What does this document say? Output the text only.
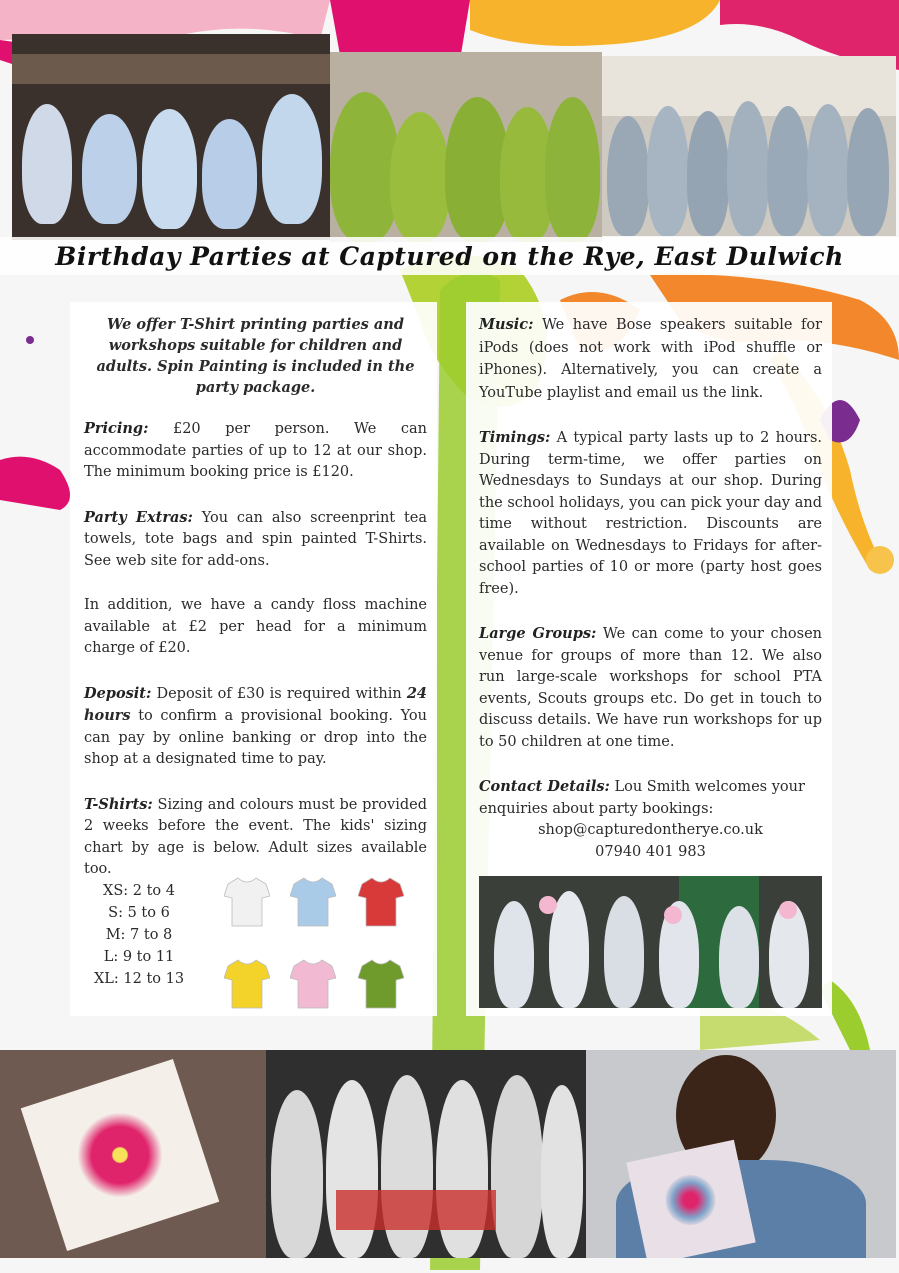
Birthday Parties at Captured on the Rye, East Dulwich

We offer T-Shirt printing parties and workshops suitable for children and adults. Spin Painting is included in the party package.

Pricing: £20 per person. We can accommodate parties of up to 12 at our shop. The minimum booking price is £120.

Party Extras: You can also screenprint tea towels, tote bags and spin painted T-Shirts. See web site for add-ons.

In addition, we have a candy floss machine available at £2 per head for a minimum charge of £20.

Deposit: Deposit of £30 is required within 24 hours to confirm a provisional booking. You can pay by online banking or drop into the shop at a designated time to pay.

T-Shirts: Sizing and colours must be provided 2 weeks before the event. The kids' sizing chart by age is below. Adult sizes available too.

XS: 2 to 4
S: 5 to 6
M: 7 to 8
L: 9 to 11
XL: 12 to 13

Music: We have Bose speakers suitable for iPods (does not work with iPod shuffle or iPhones). Alternatively, you can create a YouTube playlist and email us the link.

Timings: A typical party lasts up to 2 hours. During term-time, we offer parties on Wednesdays to Sundays at our shop. During the school holidays, you can pick your day and time without restriction. Discounts are available on Wednesdays to Fridays for after-school parties of 10 or more (party host goes free).

Large Groups: We can come to your chosen venue for groups of more than 12. We also run large-scale workshops for school PTA events, Scouts groups etc. Do get in touch to discuss details. We have run workshops for up to 50 children at one time.

Contact Details: Lou Smith welcomes your enquiries about party bookings:

shop@capturedontherye.co.uk
07940 401 983
